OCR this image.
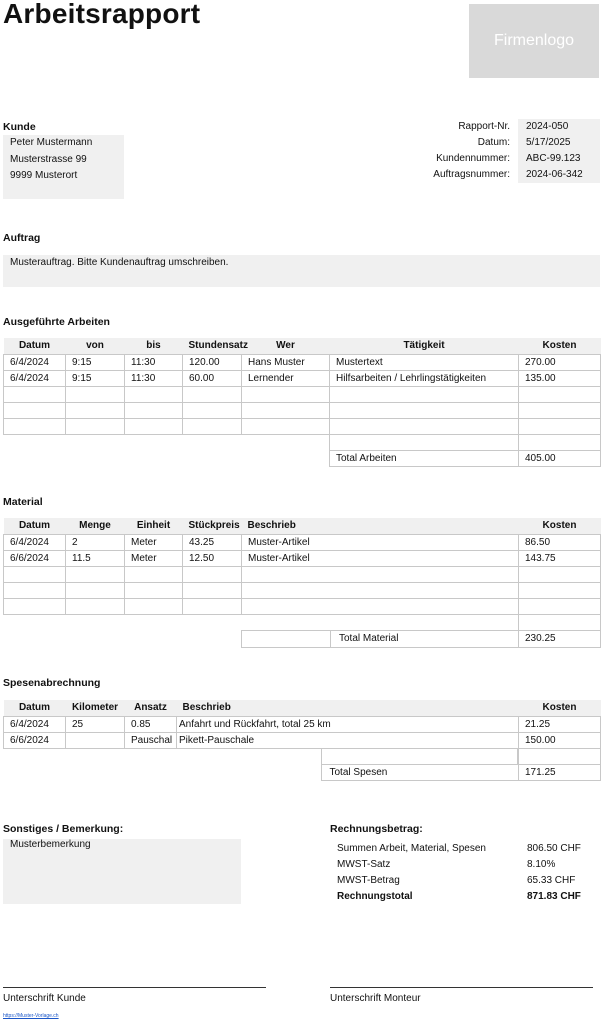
Arbeitsrapport
Firmenlogo
Kunde
Peter Mustermann
Musterstrasse 99
9999 Musterort
Rapport-Nr.	2024-050
Datum:	5/17/2025
Kundennummer:	ABC-99.123
Auftragsnummer:	2024-06-342
Auftrag
Musterauftrag. Bitte Kundenauftrag umschreiben.
Ausgeführte Arbeiten
Datum	von	bis	Stundensatz	Wer	Tätigkeit	Kosten
6/4/2024	9:15	11:30	120.00	Hans Muster	Mustertext	270.00
6/4/2024	9:15	11:30	60.00	Lernender	Hilfsarbeiten / Lehrlingstätigkeiten	135.00

					Total Arbeiten	405.00
Material
Datum	Menge	Einheit	Stückpreis	Beschrieb	Kosten
6/4/2024	2	Meter	43.25	Muster-Artikel	86.50
6/6/2024	11.5	Meter	12.50	Muster-Artikel	143.75

				Total Material	230.25
Spesenabrechnung
Datum	Kilometer	Ansatz	Beschrieb	Kosten
6/4/2024	25	0.85	Anfahrt und Rückfahrt, total 25 km	21.25
6/6/2024		Pauschal	Pikett-Pauschale	150.00

			Total Spesen	171.25
Sonstiges / Bemerkung:
Musterbemerkung
Rechnungsbetrag:
Summen Arbeit, Material, Spesen	806.50 CHF
MWST-Satz	8.10%
MWST-Betrag	65.33 CHF
Rechnungstotal	871.83 CHF
Unterschrift Kunde	Unterschrift Monteur
https://Muster-Vorlage.ch
